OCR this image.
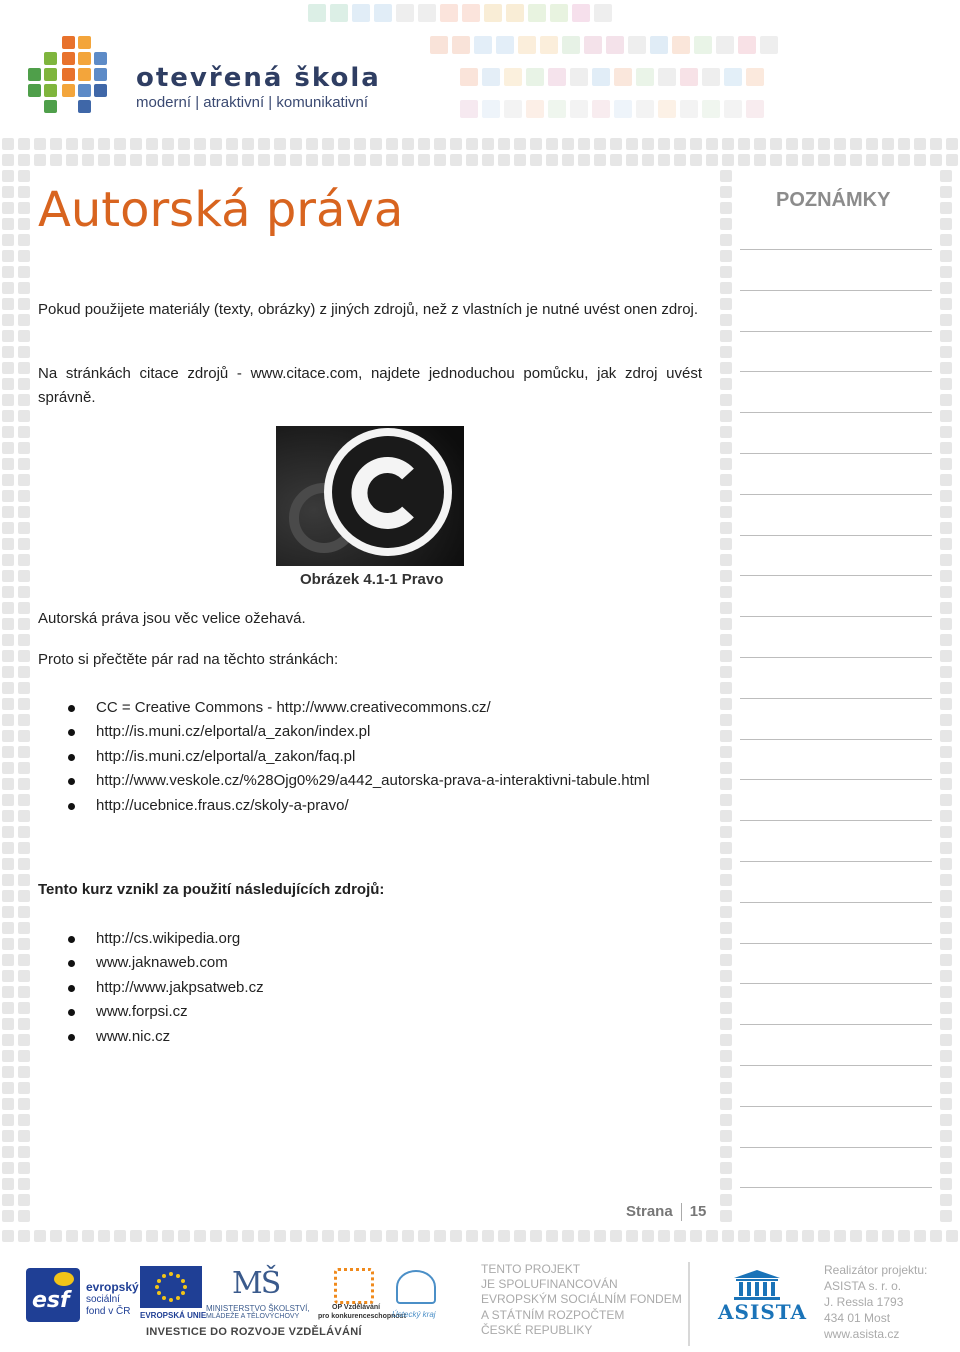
otevřená škola
moderní | atraktivní | komunikativní
Autorská práva	POZNÁMKY
Pokud použijete materiály (texty, obrázky) z jiných zdrojů, než z vlastních je nutné uvést onen zdroj.
Na stránkách citace zdrojů - www.citace.com, najdete jednoduchou pomůcku, jak zdroj uvést správně.
Obrázek 4.1-1 Pravo
Autorská práva jsou věc velice ožehavá.
Proto si přečtěte pár rad na těchto stránkách:
CC = Creative Commons - http://www.creativecommons.cz/
http://is.muni.cz/elportal/a_zakon/index.pl
http://is.muni.cz/elportal/a_zakon/faq.pl
http://www.veskole.cz/%28Ojg0%29/a442_autorska-prava-a-interaktivni-tabule.html
http://ucebnice.fraus.cz/skoly-a-pravo/
Tento kurz vznikl za použití následujících zdrojů:
http://cs.wikipedia.org
www.jaknaweb.com
http://www.jakpsatweb.cz
www.forpsi.cz
www.nic.cz
Strana 15
esf
evropský
sociální
fond v ČR EVROPSKÁ UNIE
MŠ
MINISTERSTVO ŠKOLSTVÍ,
MLÁDEŽE A TĚLOVÝCHOVY
OP Vzdělávání
pro konkurenceschopnost
Ústecký kraj
INVESTICE DO ROZVOJE VZDĚLÁVÁNÍ
TENTO PROJEKT
JE SPOLUFINANCOVÁN
EVROPSKÝM SOCIÁLNÍM FONDEM
A STÁTNÍM ROZPOČTEM
ČESKÉ REPUBLIKY
ASISTA
Realizátor projektu:
ASISTA s. r. o.
J. Ressla 1793
434 01 Most
www.asista.cz
